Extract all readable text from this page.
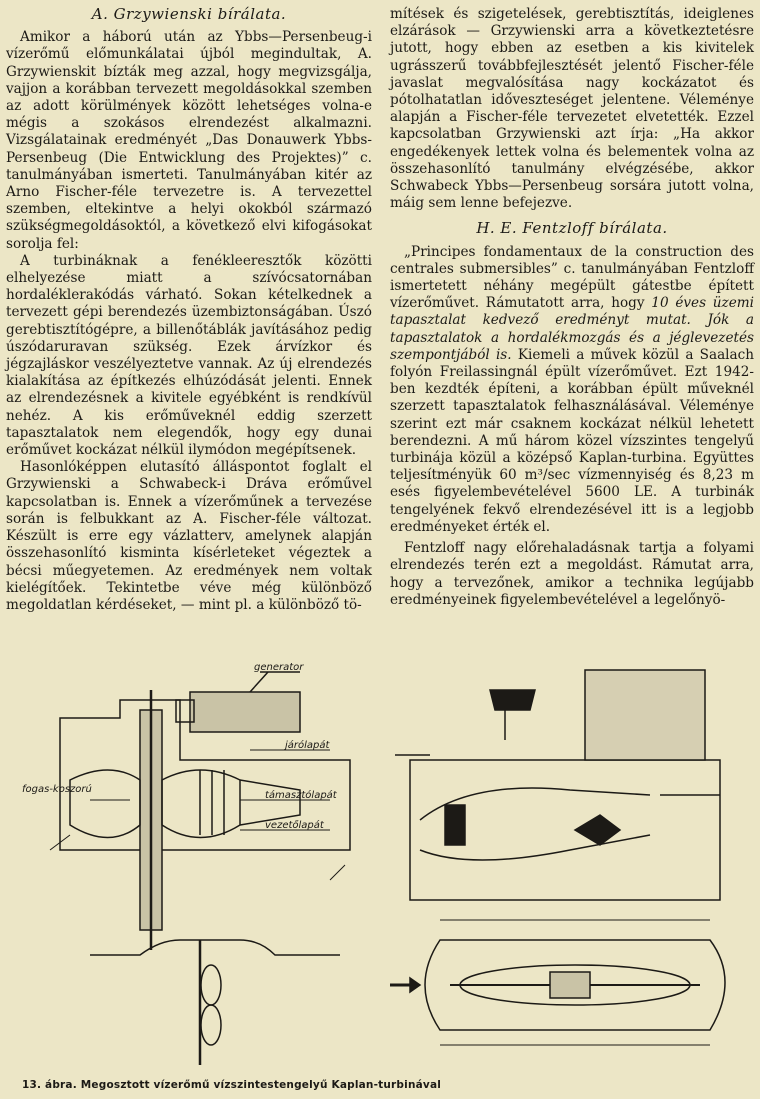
A. Grzywienski bírálata.

Amikor a háború után az Ybbs—Persenbeug-i vízerőmű előmunkálatai újból megindultak, A. Grzywienskit bízták meg azzal, hogy megvizsgálja, vajjon a korábban tervezett megoldásokkal szemben az adott körülmények között lehetséges volna-e mégis a szokásos elrendezést alkalmazni. Vizsgálatainak eredményét „Das Donauwerk Ybbs-Persenbeug (Die Entwicklung des Projektes)” c. tanulmányában ismerteti. Tanulmányában kitér az Arno Fischer-féle tervezetre is. A tervezettel szemben, eltekintve a helyi okokból származó szükségmegoldásoktól, a következő elvi kifogásokat sorolja fel:

A turbináknak a fenékleeresztők közötti elhelyezése miatt a szívócsatornában hordaléklerakódás várható. Sokan kételkednek a tervezett gépi berendezés üzembiztonságában. Úszó gerebtisztítógépre, a billenőtáblák javításához pedig úszódaruravan szükség. Ezek árvízkor és jégzajláskor veszélyeztetve vannak. Az új elrendezés kialakítása az építkezés elhúzódását jelenti. Ennek az elrendezésnek a kivitele egyébként is rendkívül nehéz. A kis erőműveknél eddig szerzett tapasztalatok nem elegendők, hogy egy dunai erőművet kockázat nélkül ilymódon megépítsenek.

Hasonlóképpen elutasító álláspontot foglalt el Grzywienski a Schwabeck-i Dráva erőművel kapcsolatban is. Ennek a vízerőműnek a tervezése során is felbukkant az A. Fischer-féle változat. Készült is erre egy vázlatterv, amelynek alapján összehasonlító kisminta kísérleteket végeztek a bécsi műegyetemen. Az eredmények nem voltak kielégítőek. Tekintetbe véve még különböző megoldatlan kérdéseket, — mint pl. a különböző tö-

mítések és szigetelések, gerebtisztítás, ideiglenes elzárások — Grzywienski arra a következtetésre jutott, hogy ebben az esetben a kis kivitelek ugrásszerű továbbfejlesztését jelentő Fischer-féle javaslat megvalósítása nagy kockázatot és pótolhatatlan időveszteséget jelentene. Véleménye alapján a Fischer-féle tervezetet elvetették. Ezzel kapcsolatban Grzywienski azt írja: „Ha akkor engedékenyek lettek volna és belementek volna az összehasonlító tanulmány elvégzésébe, akkor Schwabeck Ybbs—Persenbeug sorsára jutott volna, máig sem lenne befejezve.

H. E. Fentzloff bírálata.

„Principes fondamentaux de la construction des centrales submersibles” c. tanulmányában Fentzloff ismertetett néhány megépült gátestbe épített vízerőművet. Rámutatott arra, hogy 10 éves üzemi tapasztalat kedvező eredményt mutat. Jók a tapasztalatok a hordalékmozgás és a jéglevezetés szempontjából is. Kiemeli a művek közül a Saalach folyón Freilassingnál épült vízerőművet. Ezt 1942-ben kezdték építeni, a korábban épült műveknél szerzett tapasztalatok felhasználásával. Véleménye szerint ezt már csaknem kockázat nélkül lehetett berendezni. A mű három közel vízszintes tengelyű turbinája közül a középső Kaplan-turbina. Együttes teljesítményük 60 m³/sec vízmennyiség és 8,23 m esés figyelembevételével 5600 LE. A turbinák tengelyének fekvő elrendezésével itt is a legjobb eredményeket érték el.

Fentzloff nagy előrehaladásnak tartja a folyami elrendezés terén ezt a megoldást. Rámutat arra, hogy a tervezőnek, amikor a technika legújabb eredményeinek figyelembevételével a legelőnyö-

generator
járólapát
támasztólapát
fogas-koszorú
vezetőlapát
13. ábra. Megosztott vízerőmű vízszintestengelyű Kaplan-turbinával
